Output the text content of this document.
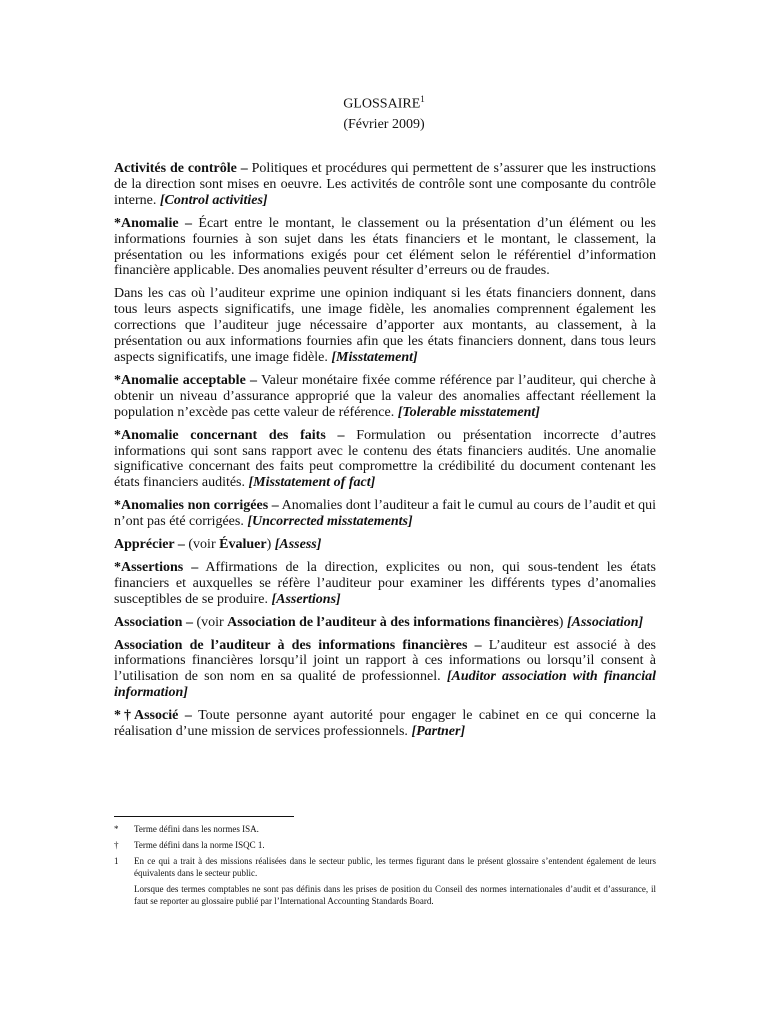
GLOSSAIRE$^1$
(Février 2009)

Activités de contrôle – Politiques et procédures qui permettent de s’assurer que les instructions de la direction sont mises en oeuvre. Les activités de contrôle sont une composante du contrôle interne. [Control activities]

*Anomalie – Écart entre le montant, le classement ou la présentation d’un élément ou les informations fournies à son sujet dans les états financiers et le montant, le classement, la présentation ou les informations exigés pour cet élément selon le référentiel d’information financière applicable. Des anomalies peuvent résulter d’erreurs ou de fraudes.

Dans les cas où l’auditeur exprime une opinion indiquant si les états financiers donnent, dans tous leurs aspects significatifs, une image fidèle, les anomalies comprennent également les corrections que l’auditeur juge nécessaire d’apporter aux montants, au classement, à la présentation ou aux informations fournies afin que les états financiers donnent, dans tous leurs aspects significatifs, une image fidèle. [Misstatement]

*Anomalie acceptable – Valeur monétaire fixée comme référence par l’auditeur, qui cherche à obtenir un niveau d’assurance approprié que la valeur des anomalies affectant réellement la population n’excède pas cette valeur de référence. [Tolerable misstatement]

*Anomalie concernant des faits – Formulation ou présentation incorrecte d’autres informations qui sont sans rapport avec le contenu des états financiers audités. Une anomalie significative concernant des faits peut compromettre la crédibilité du document contenant les états financiers audités. [Misstatement of fact]

*Anomalies non corrigées – Anomalies dont l’auditeur a fait le cumul au cours de l’audit et qui n’ont pas été corrigées. [Uncorrected misstatements]

Apprécier – (voir Évaluer) [Assess]

*Assertions – Affirmations de la direction, explicites ou non, qui sous-tendent les états financiers et auxquelles se réfère l’auditeur pour examiner les différents types d’anomalies susceptibles de se produire. [Assertions]

Association – (voir Association de l’auditeur à des informations financières) [Association]

Association de l’auditeur à des informations financières – L’auditeur est associé à des informations financières lorsqu’il joint un rapport à ces informations ou lorsqu’il consent à l’utilisation de son nom en sa qualité de professionnel. [Auditor association with financial information]

*†Associé – Toute personne ayant autorité pour engager le cabinet en ce qui concerne la réalisation d’une mission de services professionnels. [Partner]

*	Terme défini dans les normes ISA.
†	Terme défini dans la norme ISQC 1.
1	En ce qui a trait à des missions réalisées dans le secteur public, les termes figurant dans le présent glossaire s’entendent également de leurs équivalents dans le secteur public.
Lorsque des termes comptables ne sont pas définis dans les prises de position du Conseil des normes internationales d’audit et d’assurance, il faut se reporter au glossaire publié par l’International Accounting Standards Board.
